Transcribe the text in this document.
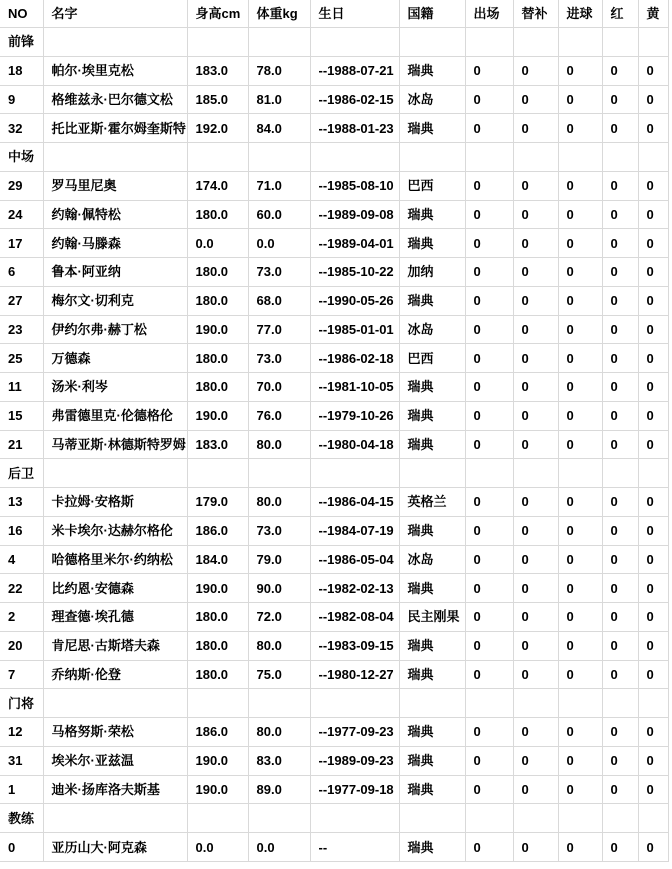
NO	名字	身高cm	体重kg	生日	国籍	出场	替补	进球	红	黄
前锋										
18	帕尔·埃里克松	183.0	78.0	--1988-07-21	瑞典	0	0	0	0	0
9	格维兹永·巴尔德文松	185.0	81.0	--1986-02-15	冰岛	0	0	0	0	0
32	托比亚斯·霍尔姆奎斯特	192.0	84.0	--1988-01-23	瑞典	0	0	0	0	0
中场										
29	罗马里尼奥	174.0	71.0	--1985-08-10	巴西	0	0	0	0	0
24	约翰·佩特松	180.0	60.0	--1989-09-08	瑞典	0	0	0	0	0
17	约翰·马滕森	0.0	0.0	--1989-04-01	瑞典	0	0	0	0	0
6	鲁本·阿亚纳	180.0	73.0	--1985-10-22	加纳	0	0	0	0	0
27	梅尔文·切利克	180.0	68.0	--1990-05-26	瑞典	0	0	0	0	0
23	伊约尔弗·赫丁松	190.0	77.0	--1985-01-01	冰岛	0	0	0	0	0
25	万德森	180.0	73.0	--1986-02-18	巴西	0	0	0	0	0
11	汤米·利岑	180.0	70.0	--1981-10-05	瑞典	0	0	0	0	0
15	弗雷德里克·伦德格伦	190.0	76.0	--1979-10-26	瑞典	0	0	0	0	0
21	马蒂亚斯·林德斯特罗姆	183.0	80.0	--1980-04-18	瑞典	0	0	0	0	0
后卫										
13	卡拉姆·安格斯	179.0	80.0	--1986-04-15	英格兰	0	0	0	0	0
16	米卡埃尔·达赫尔格伦	186.0	73.0	--1984-07-19	瑞典	0	0	0	0	0
4	哈德格里米尔·约纳松	184.0	79.0	--1986-05-04	冰岛	0	0	0	0	0
22	比约恩·安德森	190.0	90.0	--1982-02-13	瑞典	0	0	0	0	0
2	理查德·埃孔德	180.0	72.0	--1982-08-04	民主刚果	0	0	0	0	0
20	肯尼思·古斯塔夫森	180.0	80.0	--1983-09-15	瑞典	0	0	0	0	0
7	乔纳斯·伦登	180.0	75.0	--1980-12-27	瑞典	0	0	0	0	0
门将										
12	马格努斯·荣松	186.0	80.0	--1977-09-23	瑞典	0	0	0	0	0
31	埃米尔·亚兹温	190.0	83.0	--1989-09-23	瑞典	0	0	0	0	0
1	迪米·扬库洛夫斯基	190.0	89.0	--1977-09-18	瑞典	0	0	0	0	0
教练										
0	亚历山大·阿克森	0.0	0.0	--	瑞典	0	0	0	0	0
